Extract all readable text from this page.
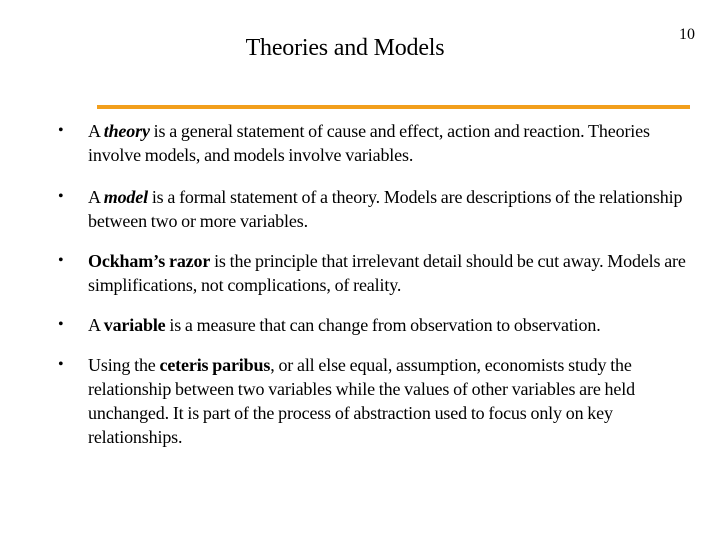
Theories and Models
10
•	A theory is a general statement of cause and effect, action and reaction. Theories involve models, and models involve variables.
•	A model is a formal statement of a theory. Models are descriptions of the relationship between two or more variables.
•	Ockham’s razor is the principle that irrelevant detail should be cut away. Models are simplifications, not complications, of reality.
•	A variable is a measure that can change from observation to observation.
•	Using the ceteris paribus, or all else equal, assumption, economists study the relationship between two variables while the values of other variables are held unchanged. It is part of the process of abstraction used to focus only on key relationships.
